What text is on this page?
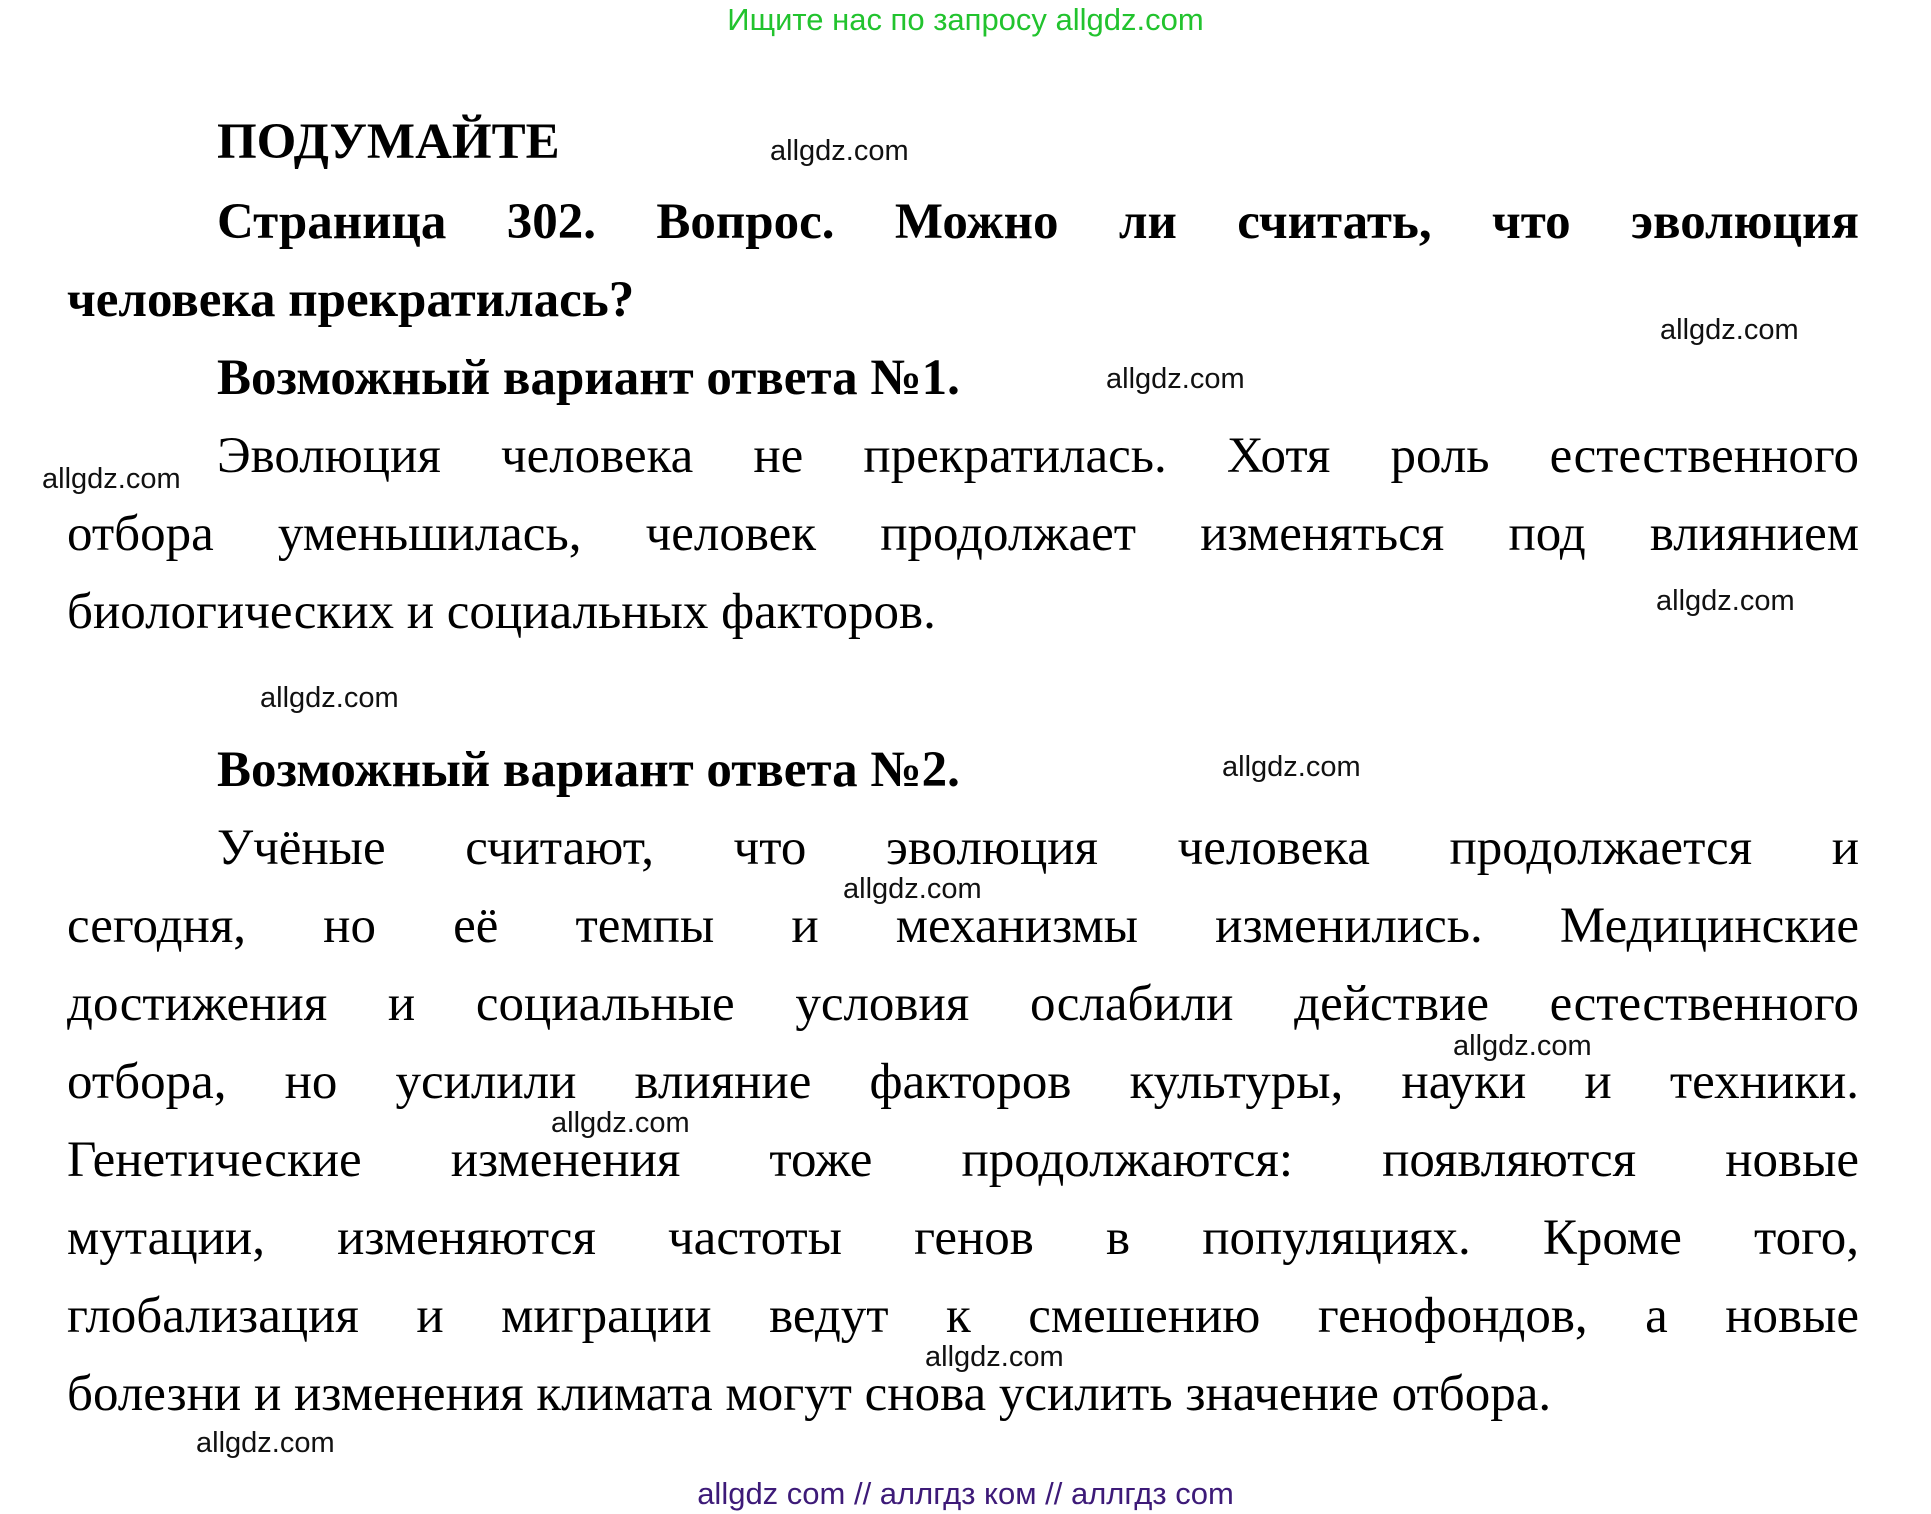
Ищите нас по запросу allgdz.com
ПОДУМАЙТЕ
Страница 302. Вопрос. Можно ли считать, что эволюция
человека прекратилась?
Возможный вариант ответа №1.
Эволюция человека не прекратилась. Хотя роль естественного
отбора уменьшилась, человек продолжает изменяться под влиянием
биологических и социальных факторов.
Возможный вариант ответа №2.
Учёные считают, что эволюция человека продолжается и
сегодня, но её темпы и механизмы изменились. Медицинские
достижения и социальные условия ослабили действие естественного
отбора, но усилили влияние факторов культуры, науки и техники.
Генетические изменения тоже продолжаются: появляются новые
мутации, изменяются частоты генов в популяциях. Кроме того,
глобализация и миграции ведут к смешению генофондов, а новые
болезни и изменения климата могут снова усилить значение отбора.
allgdz.com
allgdz.com
allgdz.com
allgdz.com
allgdz.com
allgdz.com
allgdz.com
allgdz.com
allgdz.com
allgdz.com
allgdz.com
allgdz.com
allgdz com // аллгдз ком // аллгдз com
